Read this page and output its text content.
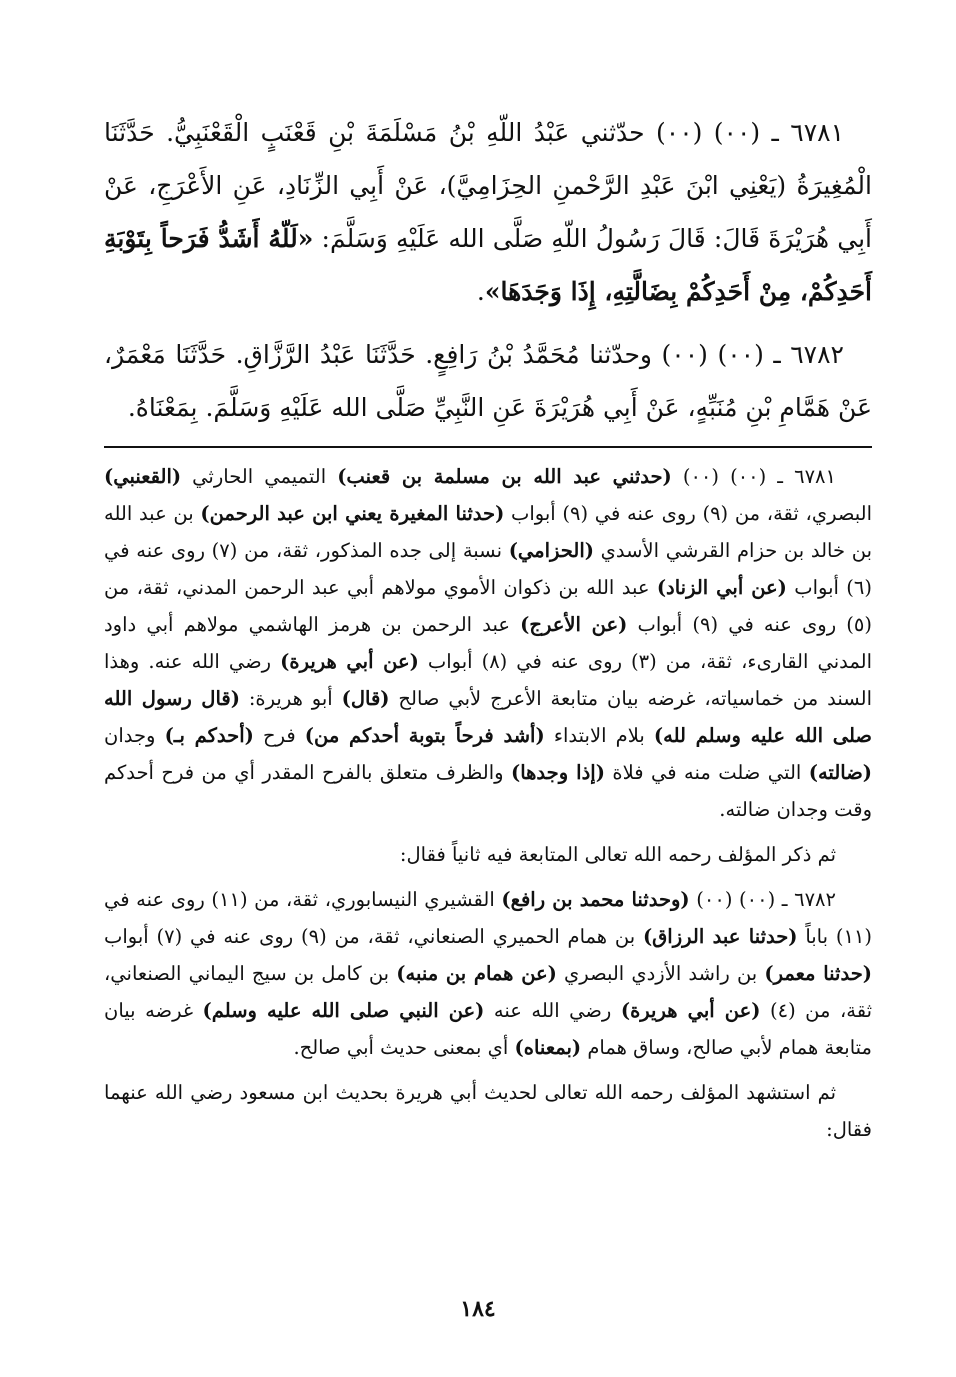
٦٧٨١ ـ (٠٠) (٠٠) حدّثني عَبْدُ اللّهِ بْنُ مَسْلَمَةَ بْنِ قَعْنَبٍ الْقَعْنَبِيُّ. حَدَّثَنَا الْمُغِيرَةُ (يَعْنِي ابْنَ عَبْدِ الرَّحْمنِ الحِزَامِيَّ)، عَنْ أَبِي الزِّنَادِ، عَنِ الأَعْرَجِ، عَنْ أَبِي هُرَيْرَةَ قَالَ: قَالَ رَسُولُ اللّهِ صَلَّى الله عَلَيْهِ وَسَلَّمَ: «لَلّهُ أَشَدُّ فَرَحاً بِتَوْبَةِ أَحَدِكُمْ، مِنْ أَحَدِكُمْ بِضَالَّتِهِ، إِذَا وَجَدَهَا».

٦٧٨٢ ـ (٠٠) (٠٠) وحدّثنا مُحَمَّدُ بْنُ رَافِعٍ. حَدَّثَنَا عَبْدُ الرَّزَّاقِ. حَدَّثَنَا مَعْمَرٌ، عَنْ هَمَّامِ بْنِ مُنَبِّهٍ، عَنْ أَبِي هُرَيْرَةَ عَنِ النَّبِيِّ صَلَّى الله عَلَيْهِ وَسَلَّمَ. بِمَعْنَاهُ.

٦٧٨١ ـ (٠٠) (٠٠) (حدثني عبد الله بن مسلمة بن قعنب) التميمي الحارثي (القعنبي) البصري، ثقة، من (٩) روى عنه في (٩) أبواب (حدثنا المغيرة يعني ابن عبد الرحمن) بن عبد الله بن خالد بن حزام القرشي الأسدي (الحزامي) نسبة إلى جده المذكور، ثقة، من (٧) روى عنه في (٦) أبواب (عن أبي الزناد) عبد الله بن ذكوان الأموي مولاهم أبي عبد الرحمن المدني، ثقة، من (٥) روى عنه في (٩) أبواب (عن الأعرج) عبد الرحمن بن هرمز الهاشمي مولاهم أبي داود المدني القارىء، ثقة، من (٣) روى عنه في (٨) أبواب (عن أبي هريرة) رضي الله عنه. وهذا السند من خماسياته، غرضه بيان متابعة الأعرج لأبي صالح (قال) أبو هريرة: (قال رسول الله صلى الله عليه وسلم لله) بلام الابتداء (أشد فرحاً بتوبة أحدكم من) فرح (أحدكم بـ) وجدان (ضالته) التي ضلت منه في فلاة (إذا وجدها) والظرف متعلق بالفرح المقدر أي من فرح أحدكم وقت وجدان ضالته.

ثم ذكر المؤلف رحمه الله تعالى المتابعة فيه ثانياً فقال:

٦٧٨٢ ـ (٠٠) (٠٠) (وحدثنا محمد بن رافع) القشيري النيسابوري، ثقة، من (١١) روى عنه في (١١) باباً (حدثنا عبد الرزاق) بن همام الحميري الصنعاني، ثقة، من (٩) روى عنه في (٧) أبواب (حدثنا معمر) بن راشد الأزدي البصري (عن همام بن منبه) بن كامل بن سيج اليماني الصنعاني، ثقة، من (٤) (عن أبي هريرة) رضي الله عنه (عن النبي صلى الله عليه وسلم) غرضه بيان متابعة همام لأبي صالح، وساق همام (بمعناه) أي بمعنى حديث أبي صالح.

ثم استشهد المؤلف رحمه الله تعالى لحديث أبي هريرة بحديث ابن مسعود رضي الله عنهما فقال:

١٨٤
